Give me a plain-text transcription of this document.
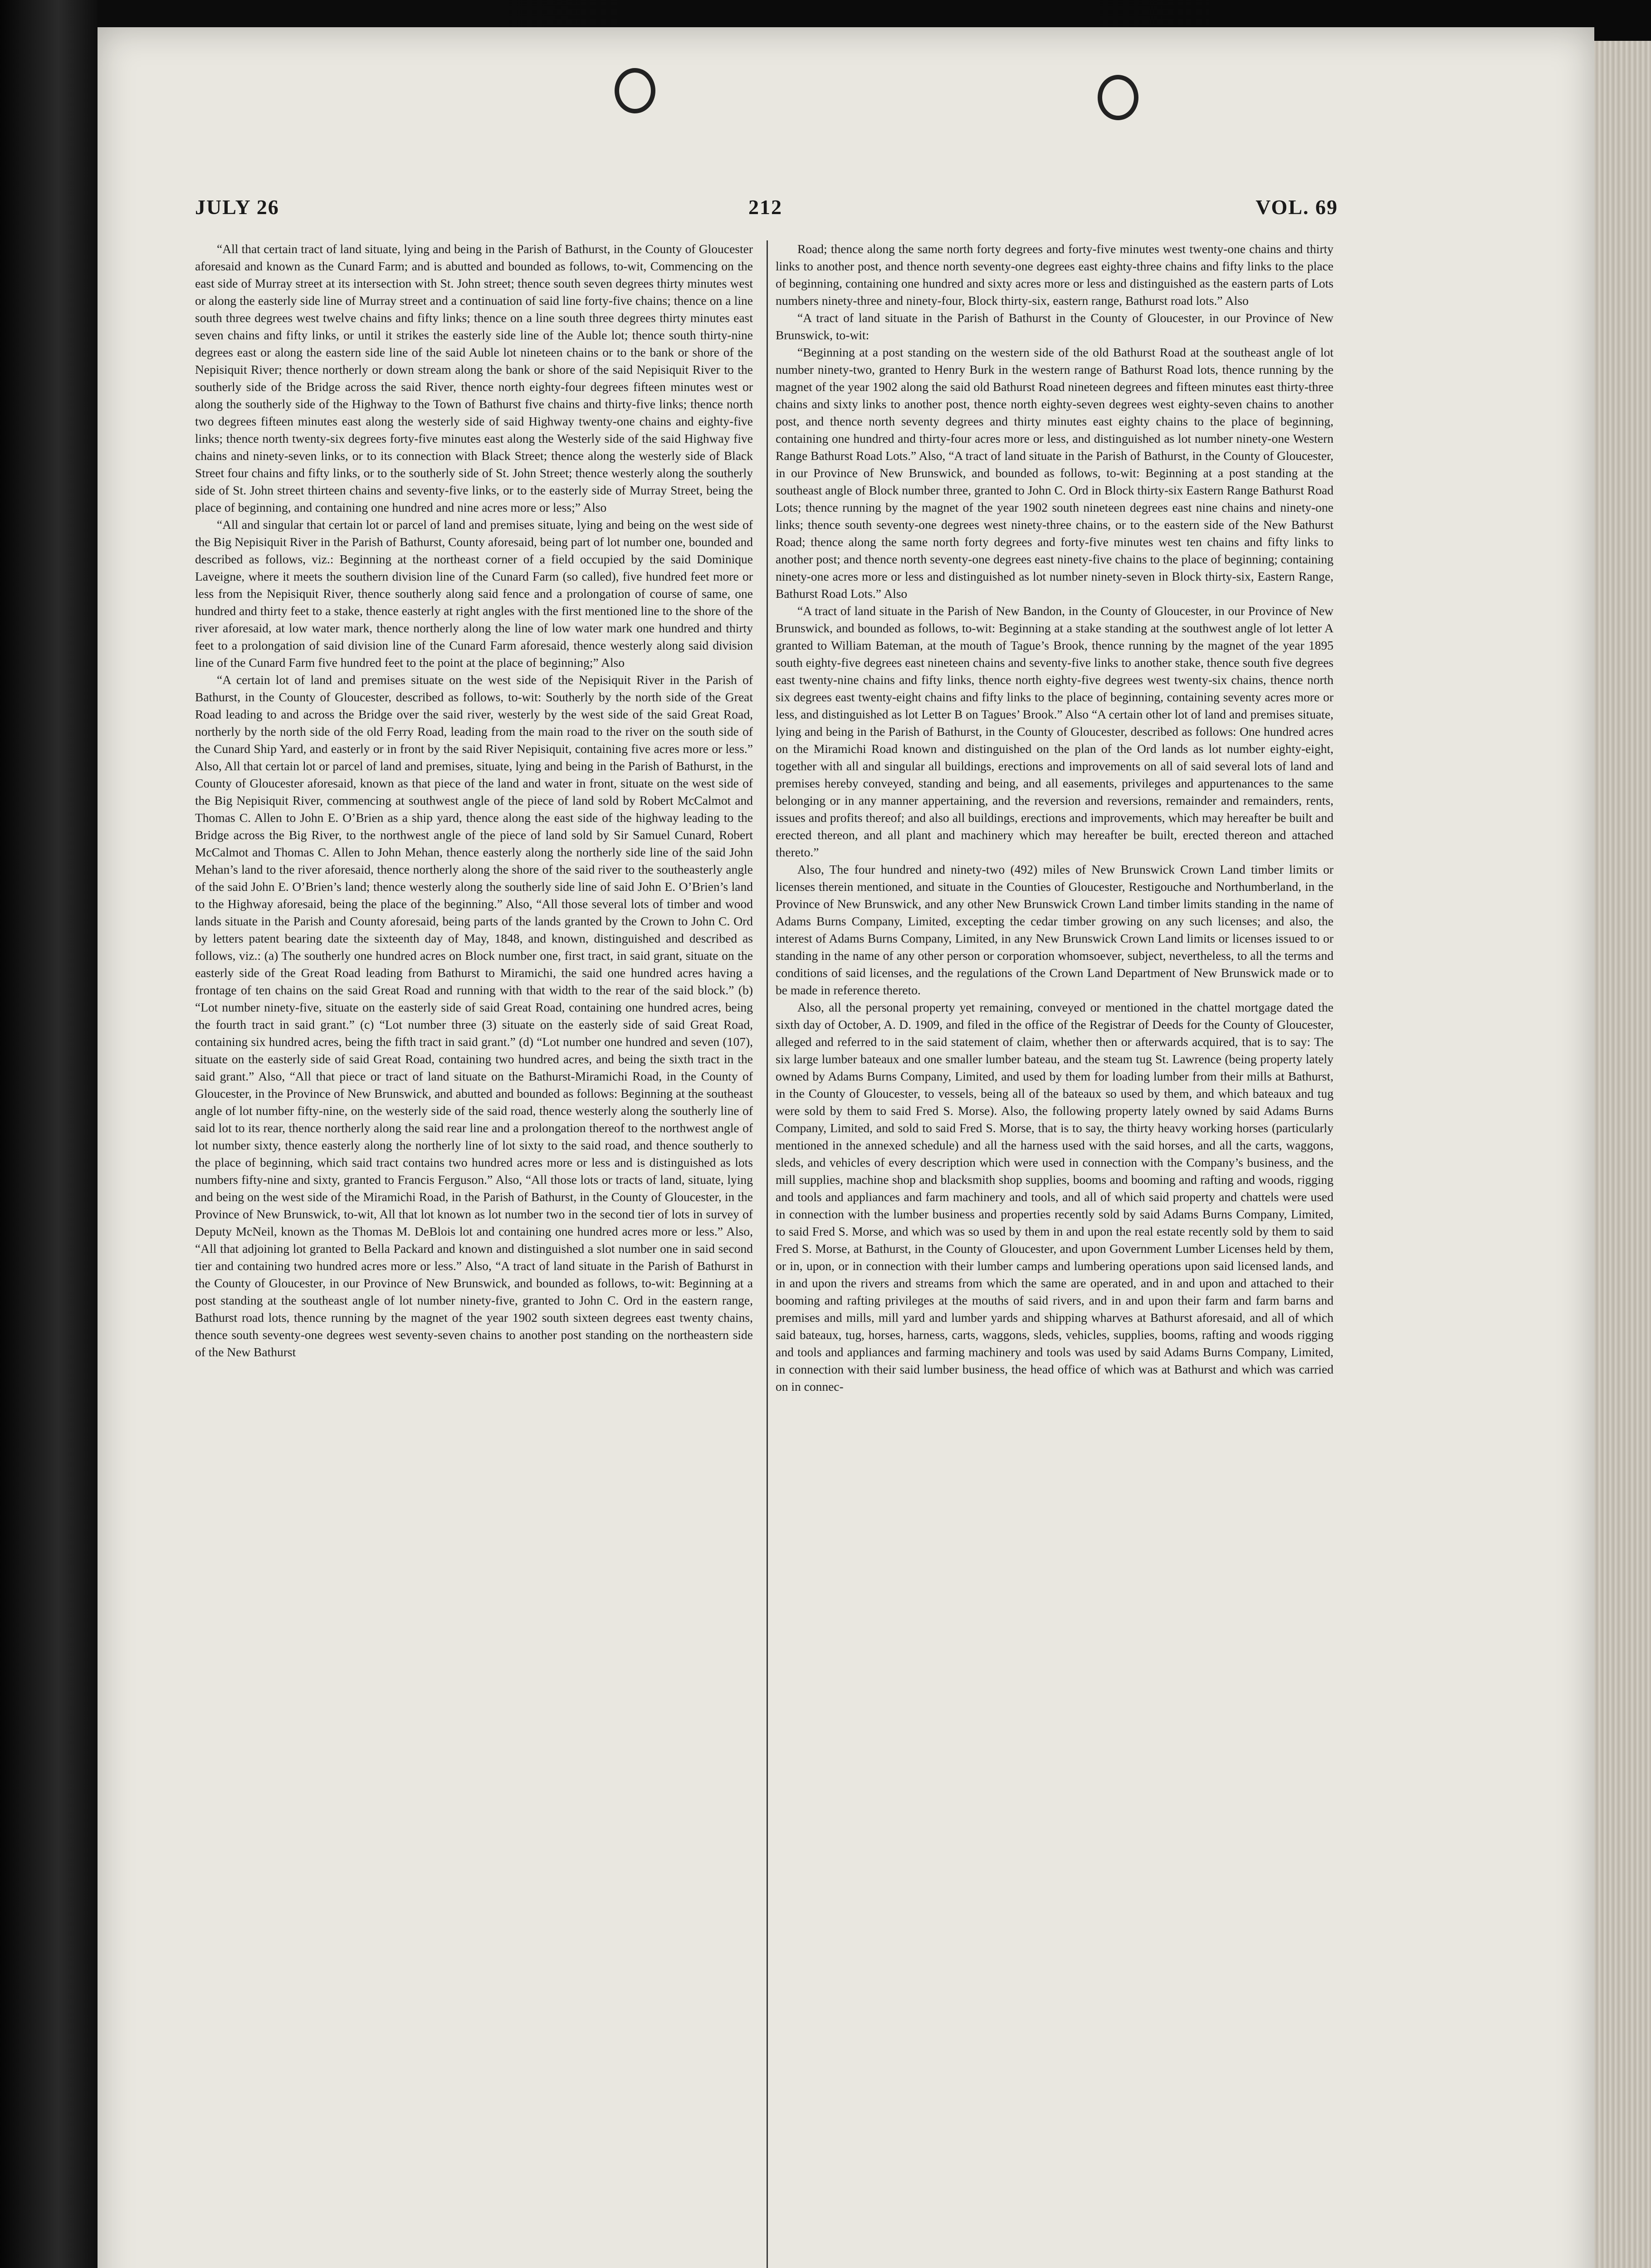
JULY 26	212	VOL. 69

“All that certain tract of land situate, lying and being in the Parish of Bathurst, in the County of Gloucester aforesaid and known as the Cunard Farm; and is abutted and bounded as follows, to-wit, Commencing on the east side of Murray street at its intersection with St. John street; thence south seven degrees thirty minutes west or along the easterly side line of Murray street and a continuation of said line forty-five chains; thence on a line south three degrees west twelve chains and fifty links; thence on a line south three degrees thirty minutes east seven chains and fifty links, or until it strikes the easterly side line of the Auble lot; thence south thirty-nine degrees east or along the eastern side line of the said Auble lot nineteen chains or to the bank or shore of the Nepisiquit River; thence northerly or down stream along the bank or shore of the said Nepisiquit River to the southerly side of the Bridge across the said River, thence north eighty-four degrees fifteen minutes west or along the southerly side of the Highway to the Town of Bathurst five chains and thirty-five links; thence north two degrees fifteen minutes east along the westerly side of said Highway twenty-one chains and eighty-five links; thence north twenty-six degrees forty-five minutes east along the Westerly side of the said Highway five chains and ninety-seven links, or to its connection with Black Street; thence along the westerly side of Black Street four chains and fifty links, or to the southerly side of St. John Street; thence westerly along the southerly side of St. John street thirteen chains and seventy-five links, or to the easterly side of Murray Street, being the place of beginning, and containing one hundred and nine acres more or less;” Also

“All and singular that certain lot or parcel of land and premises situate, lying and being on the west side of the Big Nepisiquit River in the Parish of Bathurst, County aforesaid, being part of lot number one, bounded and described as follows, viz.: Beginning at the northeast corner of a field occupied by the said Dominique Laveigne, where it meets the southern division line of the Cunard Farm (so called), five hundred feet more or less from the Nepisiquit River, thence southerly along said fence and a prolongation of course of same, one hundred and thirty feet to a stake, thence easterly at right angles with the first mentioned line to the shore of the river aforesaid, at low water mark, thence northerly along the line of low water mark one hundred and thirty feet to a prolongation of said division line of the Cunard Farm aforesaid, thence westerly along said division line of the Cunard Farm five hundred feet to the point at the place of beginning;” Also

“A certain lot of land and premises situate on the west side of the Nepisiquit River in the Parish of Bathurst, in the County of Gloucester, described as follows, to-wit: Southerly by the north side of the Great Road leading to and across the Bridge over the said river, westerly by the west side of the said Great Road, northerly by the north side of the old Ferry Road, leading from the main road to the river on the south side of the Cunard Ship Yard, and easterly or in front by the said River Nepisiquit, containing five acres more or less.” Also, All that certain lot or parcel of land and premises, situate, lying and being in the Parish of Bathurst, in the County of Gloucester aforesaid, known as that piece of the land and water in front, situate on the west side of the Big Nepisiquit River, commencing at southwest angle of the piece of land sold by Robert McCalmot and Thomas C. Allen to John E. O’Brien as a ship yard, thence along the east side of the highway leading to the Bridge across the Big River, to the northwest angle of the piece of land sold by Sir Samuel Cunard, Robert McCalmot and Thomas C. Allen to John Mehan, thence easterly along the northerly side line of the said John Mehan’s land to the river aforesaid, thence northerly along the shore of the said river to the southeasterly angle of the said John E. O’Brien’s land; thence westerly along the southerly side line of said John E. O’Brien’s land to the Highway aforesaid, being the place of the beginning.” Also, “All those several lots of timber and wood lands situate in the Parish and County aforesaid, being parts of the lands granted by the Crown to John C. Ord by letters patent bearing date the sixteenth day of May, 1848, and known, distinguished and described as follows, viz.: (a) The southerly one hundred acres on Block number one, first tract, in said grant, situate on the easterly side of the Great Road leading from Bathurst to Miramichi, the said one hundred acres having a frontage of ten chains on the said Great Road and running with that width to the rear of the said block.” (b) “Lot number ninety-five, situate on the easterly side of said Great Road, containing one hundred acres, being the fourth tract in said grant.” (c) “Lot number three (3) situate on the easterly side of said Great Road, containing six hundred acres, being the fifth tract in said grant.” (d) “Lot number one hundred and seven (107), situate on the easterly side of said Great Road, containing two hundred acres, and being the sixth tract in the said grant.” Also, “All that piece or tract of land situate on the Bathurst-Miramichi Road, in the County of Gloucester, in the Province of New Brunswick, and abutted and bounded as follows: Beginning at the southeast angle of lot number fifty-nine, on the westerly side of the said road, thence westerly along the southerly line of said lot to its rear, thence northerly along the said rear line and a prolongation thereof to the northwest angle of lot number sixty, thence easterly along the northerly line of lot sixty to the said road, and thence southerly to the place of beginning, which said tract contains two hundred acres more or less and is distinguished as lots numbers fifty-nine and sixty, granted to Francis Ferguson.” Also, “All those lots or tracts of land, situate, lying and being on the west side of the Miramichi Road, in the Parish of Bathurst, in the County of Gloucester, in the Province of New Brunswick, to-wit, All that lot known as lot number two in the second tier of lots in survey of Deputy McNeil, known as the Thomas M. DeBlois lot and containing one hundred acres more or less.” Also, “All that adjoining lot granted to Bella Packard and known and distinguished a slot number one in said second tier and containing two hundred acres more or less.” Also, “A tract of land situate in the Parish of Bathurst in the County of Gloucester, in our Province of New Brunswick, and bounded as follows, to-wit: Beginning at a post standing at the southeast angle of lot number ninety-five, granted to John C. Ord in the eastern range, Bathurst road lots, thence running by the magnet of the year 1902 south sixteen degrees east twenty chains, thence south seventy-one degrees west seventy-seven chains to another post standing on the northeastern side of the New Bathurst

Road; thence along the same north forty degrees and forty-five minutes west twenty-one chains and thirty links to another post, and thence north seventy-one degrees east eighty-three chains and fifty links to the place of beginning, containing one hundred and sixty acres more or less and distinguished as the eastern parts of Lots numbers ninety-three and ninety-four, Block thirty-six, eastern range, Bathurst road lots.” Also

“A tract of land situate in the Parish of Bathurst in the County of Gloucester, in our Province of New Brunswick, to-wit:

“Beginning at a post standing on the western side of the old Bathurst Road at the southeast angle of lot number ninety-two, granted to Henry Burk in the western range of Bathurst Road lots, thence running by the magnet of the year 1902 along the said old Bathurst Road nineteen degrees and fifteen minutes east thirty-three chains and sixty links to another post, thence north eighty-seven degrees west eighty-seven chains to another post, and thence north seventy degrees and thirty minutes east eighty chains to the place of beginning, containing one hundred and thirty-four acres more or less, and distinguished as lot number ninety-one Western Range Bathurst Road Lots.” Also, “A tract of land situate in the Parish of Bathurst, in the County of Gloucester, in our Province of New Brunswick, and bounded as follows, to-wit: Beginning at a post standing at the southeast angle of Block number three, granted to John C. Ord in Block thirty-six Eastern Range Bathurst Road Lots; thence running by the magnet of the year 1902 south nineteen degrees east nine chains and ninety-one links; thence south seventy-one degrees west ninety-three chains, or to the eastern side of the New Bathurst Road; thence along the same north forty degrees and forty-five minutes west ten chains and fifty links to another post; and thence north seventy-one degrees east ninety-five chains to the place of beginning; containing ninety-one acres more or less and distinguished as lot number ninety-seven in Block thirty-six, Eastern Range, Bathurst Road Lots.” Also

“A tract of land situate in the Parish of New Bandon, in the County of Gloucester, in our Province of New Brunswick, and bounded as follows, to-wit: Beginning at a stake standing at the southwest angle of lot letter A granted to William Bateman, at the mouth of Tague’s Brook, thence running by the magnet of the year 1895 south eighty-five degrees east nineteen chains and seventy-five links to another stake, thence south five degrees east twenty-nine chains and fifty links, thence north eighty-five degrees west twenty-six chains, thence north six degrees east twenty-eight chains and fifty links to the place of beginning, containing seventy acres more or less, and distinguished as lot Letter B on Tagues’ Brook.” Also “A certain other lot of land and premises situate, lying and being in the Parish of Bathurst, in the County of Gloucester, described as follows: One hundred acres on the Miramichi Road known and distinguished on the plan of the Ord lands as lot number eighty-eight, together with all and singular all buildings, erections and improvements on all of said several lots of land and premises hereby conveyed, standing and being, and all easements, privileges and appurtenances to the same belonging or in any manner appertaining, and the reversion and reversions, remainder and remainders, rents, issues and profits thereof; and also all buildings, erections and improvements, which may hereafter be built and erected thereon, and all plant and machinery which may hereafter be built, erected thereon and attached thereto.”

Also, The four hundred and ninety-two (492) miles of New Brunswick Crown Land timber limits or licenses therein mentioned, and situate in the Counties of Gloucester, Restigouche and Northumberland, in the Province of New Brunswick, and any other New Brunswick Crown Land timber limits standing in the name of Adams Burns Company, Limited, excepting the cedar timber growing on any such licenses; and also, the interest of Adams Burns Company, Limited, in any New Brunswick Crown Land limits or licenses issued to or standing in the name of any other person or corporation whomsoever, subject, nevertheless, to all the terms and conditions of said licenses, and the regulations of the Crown Land Department of New Brunswick made or to be made in reference thereto.

Also, all the personal property yet remaining, conveyed or mentioned in the chattel mortgage dated the sixth day of October, A. D. 1909, and filed in the office of the Registrar of Deeds for the County of Gloucester, alleged and referred to in the said statement of claim, whether then or afterwards acquired, that is to say: The six large lumber bateaux and one smaller lumber bateau, and the steam tug St. Lawrence (being property lately owned by Adams Burns Company, Limited, and used by them for loading lumber from their mills at Bathurst, in the County of Gloucester, to vessels, being all of the bateaux so used by them, and which bateaux and tug were sold by them to said Fred S. Morse). Also, the following property lately owned by said Adams Burns Company, Limited, and sold to said Fred S. Morse, that is to say, the thirty heavy working horses (particularly mentioned in the annexed schedule) and all the harness used with the said horses, and all the carts, waggons, sleds, and vehicles of every description which were used in connection with the Company’s business, and the mill supplies, machine shop and blacksmith shop supplies, booms and booming and rafting and woods, rigging and tools and appliances and farm machinery and tools, and all of which said property and chattels were used in connection with the lumber business and properties recently sold by said Adams Burns Company, Limited, to said Fred S. Morse, and which was so used by them in and upon the real estate recently sold by them to said Fred S. Morse, at Bathurst, in the County of Gloucester, and upon Government Lumber Licenses held by them, or in, upon, or in connection with their lumber camps and lumbering operations upon said licensed lands, and in and upon the rivers and streams from which the same are operated, and in and upon and attached to their booming and rafting privileges at the mouths of said rivers, and in and upon their farm and farm barns and premises and mills, mill yard and lumber yards and shipping wharves at Bathurst aforesaid, and all of which said bateaux, tug, horses, harness, carts, waggons, sleds, vehicles, supplies, booms, rafting and woods rigging and tools and appliances and farming machinery and tools was used by said Adams Burns Company, Limited, in connection with their said lumber business, the head office of which was at Bathurst and which was carried on in connec-
